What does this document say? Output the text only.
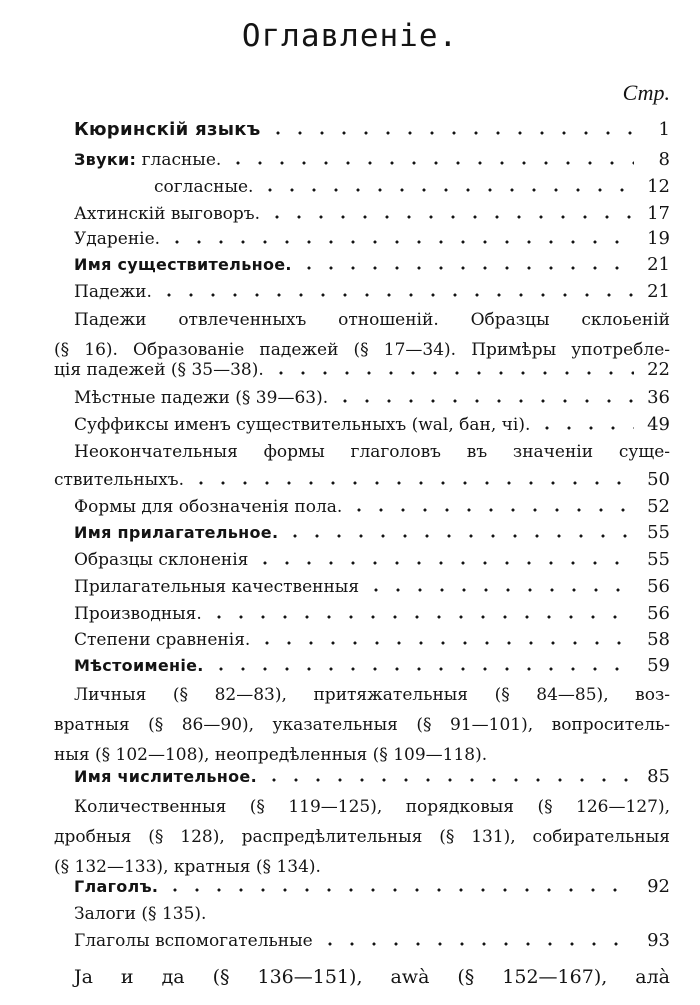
Оглавленіе.
Стр.
Кюринскій языкъ	1
Звуки: гласные.	8
согласные.	12
Ахтинскій выговоръ.	17
Удареніе.	19
Имя существительное.	21
Падежи.	21
Падежи отвлеченныхъ отношеній. Образцы склоьеній
(§ 16). Образованіе падежей (§ 17—34). Примѣры употребле-
ція падежей (§ 35—38).	22
Мѣстные падежи (§ 39—63).	36
Суффиксы именъ существительныхъ (wal, бан, чi).	49
Неокончательныя формы глаголовъ въ значеніи суще-
ствительныхъ.	50
Формы для обозначенія пола.	52
Имя прилагательное.	55
Образцы склоненія	55
Прилагательныя качественныя	56
Производныя.	56
Степени сравненія.	58
Мѣстоименіе.	59
Личныя (§ 82—83), притяжательныя (§ 84—85), воз-
вратныя (§ 86—90), указательныя (§ 91—101), вопроситель-
ныя (§ 102—108), неопредѣленныя (§ 109—118).
Имя числительное.	85
Количественныя (§ 119—125), порядковыя (§ 126—127),
дробныя (§ 128), распредѣлительныя (§ 131), собирательныя
(§ 132—133), кратныя (§ 134).
Глаголъ.	92
Залоги (§ 135).
Глаголы вспомогательные	93
Ja и да (§ 136—151), awà (§ 152—167), алà
